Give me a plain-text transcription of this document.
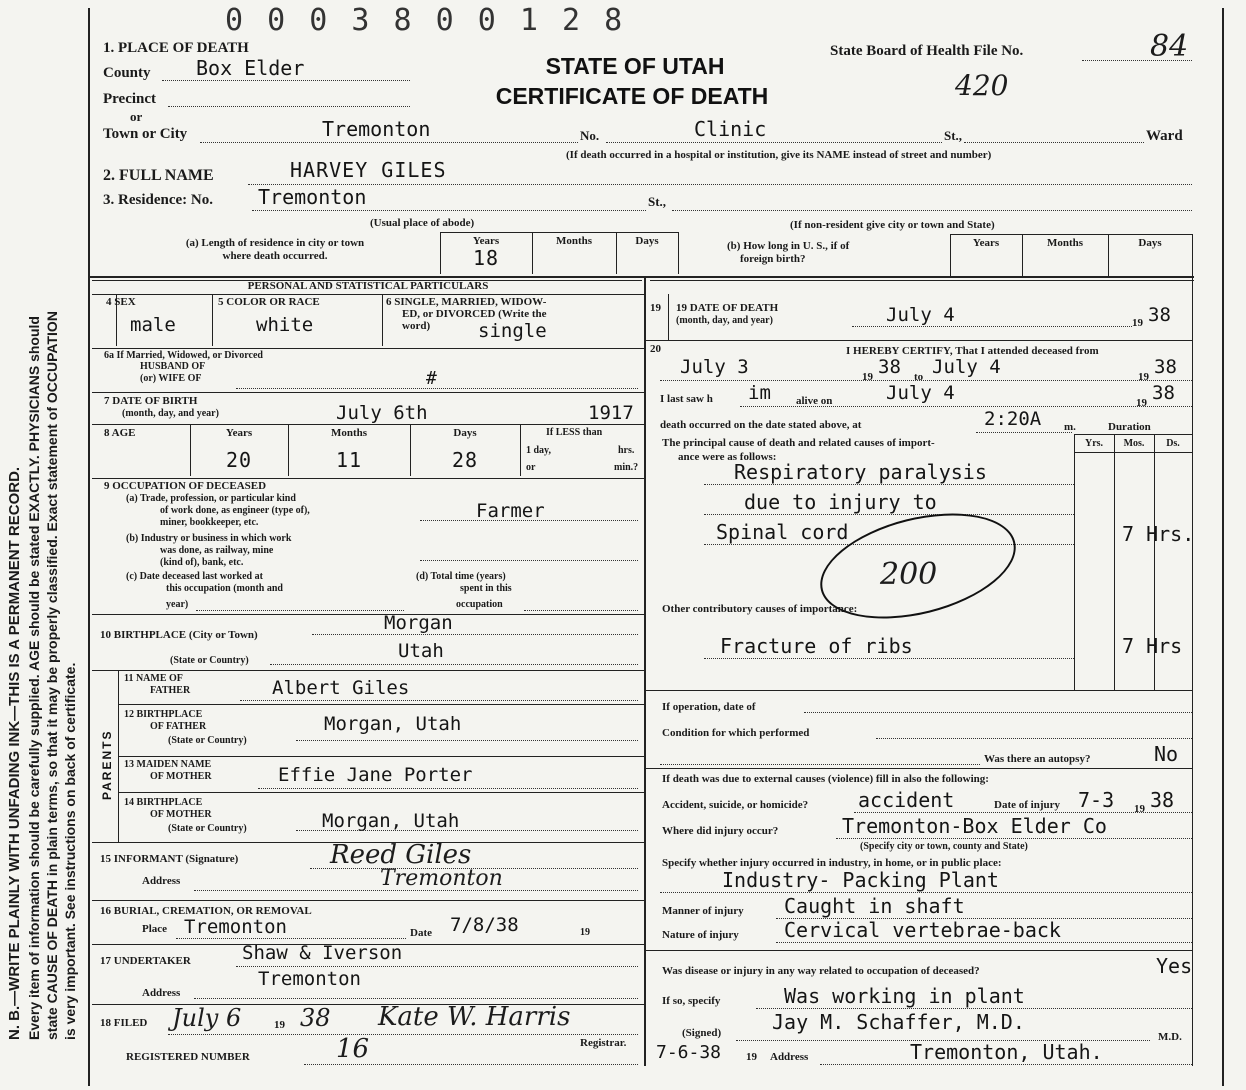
N. B.—WRITE PLAINLY WITH UNFADING INK—THIS IS A PERMANENT RECORD. Every item of information should be carefully supplied. AGE should be stated EXACTLY. PHYSICIANS should state CAUSE OF DEATH in plain terms, so that it may be properly classified. Exact statement of OCCUPATION is very important. See instructions on back of certificate.
0 0 0 3 8 0 0 1 2 8
1. PLACE OF DEATH
County Box Elder
Precinct
or
Town or City	Tremonton	No.	Clinic	St.,	Ward
(If death occurred in a hospital or institution, give its NAME instead of street and number)
STATE OF UTAH
CERTIFICATE OF DEATH
State Board of Health File No.	84
420
2. FULL NAME	HARVEY GILES
3. Residence: No. Tremonton	St.,
(Usual place of abode)	(If non-resident give city or town and State)
(a) Length of residence in city or town
where death occurred.
Years	Months	Days
18	(b) How long in U. S., if of
foreign birth?
Years	Months	Days
PERSONAL AND STATISTICAL PARTICULARS
4 SEX
male
5 COLOR OR RACE
white
6 SINGLE, MARRIED, WIDOW-
ED, or DIVORCED (Write the
word)	single
6a If Married, Widowed, or Divorced
HUSBAND OF
(or) WIFE OF	#
7 DATE OF BIRTH
(month, day, and year)	July 6th	1917
8 AGE	Years	Months	Days
20	11	28
If LESS than
1 day,	hrs.
or	min.?
9 OCCUPATION OF DECEASED
(a) Trade, profession, or particular kind
of work done, as engineer (type of),
miner, bookkeeper, etc.
Farmer
(b) Industry or business in which work
was done, as railway, mine
(kind of), bank, etc.
(c) Date deceased last worked at
this occupation (month and
year)
(d) Total time (years)
spent in this
occupation
10 BIRTHPLACE (City or Town)
Morgan
(State or Country)	Utah
PARENTS
11 NAME OF
FATHER	Albert Giles
12 BIRTHPLACE
OF FATHER
(State or Country)
Morgan, Utah
13 MAIDEN NAME
OF MOTHER	Effie Jane Porter
14 BIRTHPLACE
OF MOTHER
(State or Country)	Morgan, Utah
15 INFORMANT (Signature)	Reed Giles
Address	Tremonton
16 BURIAL, CREMATION, OR REMOVAL
Place Tremonton	Date 7/8/38	19
17 UNDERTAKER	Shaw & Iverson
Address
Tremonton
18 FILED July 6	19 38 Kate W. Harris
Registrar.
REGISTERED NUMBER	16
19 19 DATE OF DEATH
(month, day, and year)	July 4	19 38
20	I HEREBY CERTIFY, That I attended deceased from
July 3	19 38 to July 4	19 38
I last saw h im alive on	July 4	19 38
death occurred on the date stated above, at	2:20A m.	Duration
The principal cause of death and related causes of import-
ance were as follows:
Yrs.	Mos.	Ds.
Respiratory paralysis
due to injury to
Spinal cord	7 Hrs.
200
Other contributory causes of importance:
Fracture of ribs	7 Hrs
If operation, date of
Condition for which performed
Was there an autopsy?	No
If death was due to external causes (violence) fill in also the following:
Accident, suicide, or homicide? accident	Date of injury 7-3 19 38
Where did injury occur?	Tremonton-Box Elder Co
(Specify city or town, county and State)
Specify whether injury occurred in industry, in home, or in public place:
Industry- Packing Plant
Manner of injury Caught in shaft
Nature of injury Cervical vertebrae-back
Was disease or injury in any way related to occupation of deceased?	Yes
If so, specify	Was working in plant
(Signed)	Jay M. Schaffer, M.D.
M.D.
7-6-38 19 Address	Tremonton, Utah.
